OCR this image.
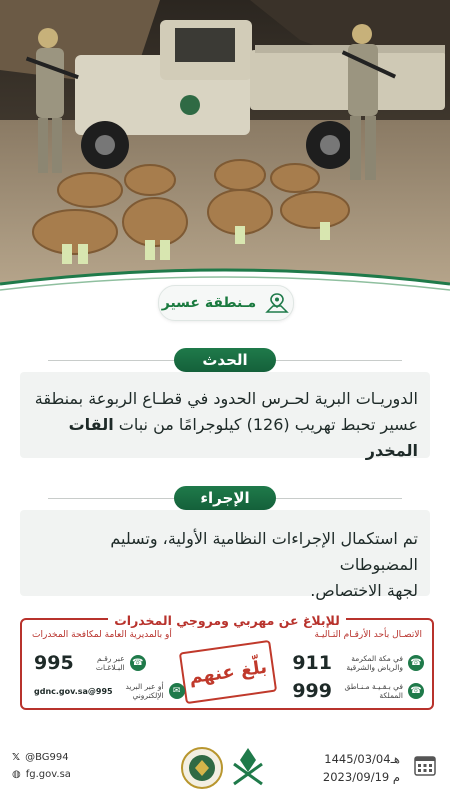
مـنطقة عسير
الحدث
الدوريـات البرية لحـرس الحدود في قطـاع الربوعة بمنطقة
عسير تحبط تهريب (126) كيلوجرامًا من نبات القات المخدر
الإجراء
تم استكمال الإجراءات النظامية الأولية، وتسليم المضبوطات
لجهة الاختصاص.
للإبلاغ عن مهربي ومروجي المخدرات
الاتصـال بأحد الأرقـام التـاليـة
أو بالمديرية العامة لمكافحة المخدرات
☎
في مكة المكرمة والرياض والشرقية
911
☎
في بـقـيـة مـنـاطق المملكة
999
بلّغ عنهم
☎
عبر رقـم البـلاغـات
995
✉
أو عبر البريد الإلكتروني
995@gdnc.gov.sa
𝕏 @BG994
◍ fg.gov.sa
1445/03/04هـ
2023/09/19 م
